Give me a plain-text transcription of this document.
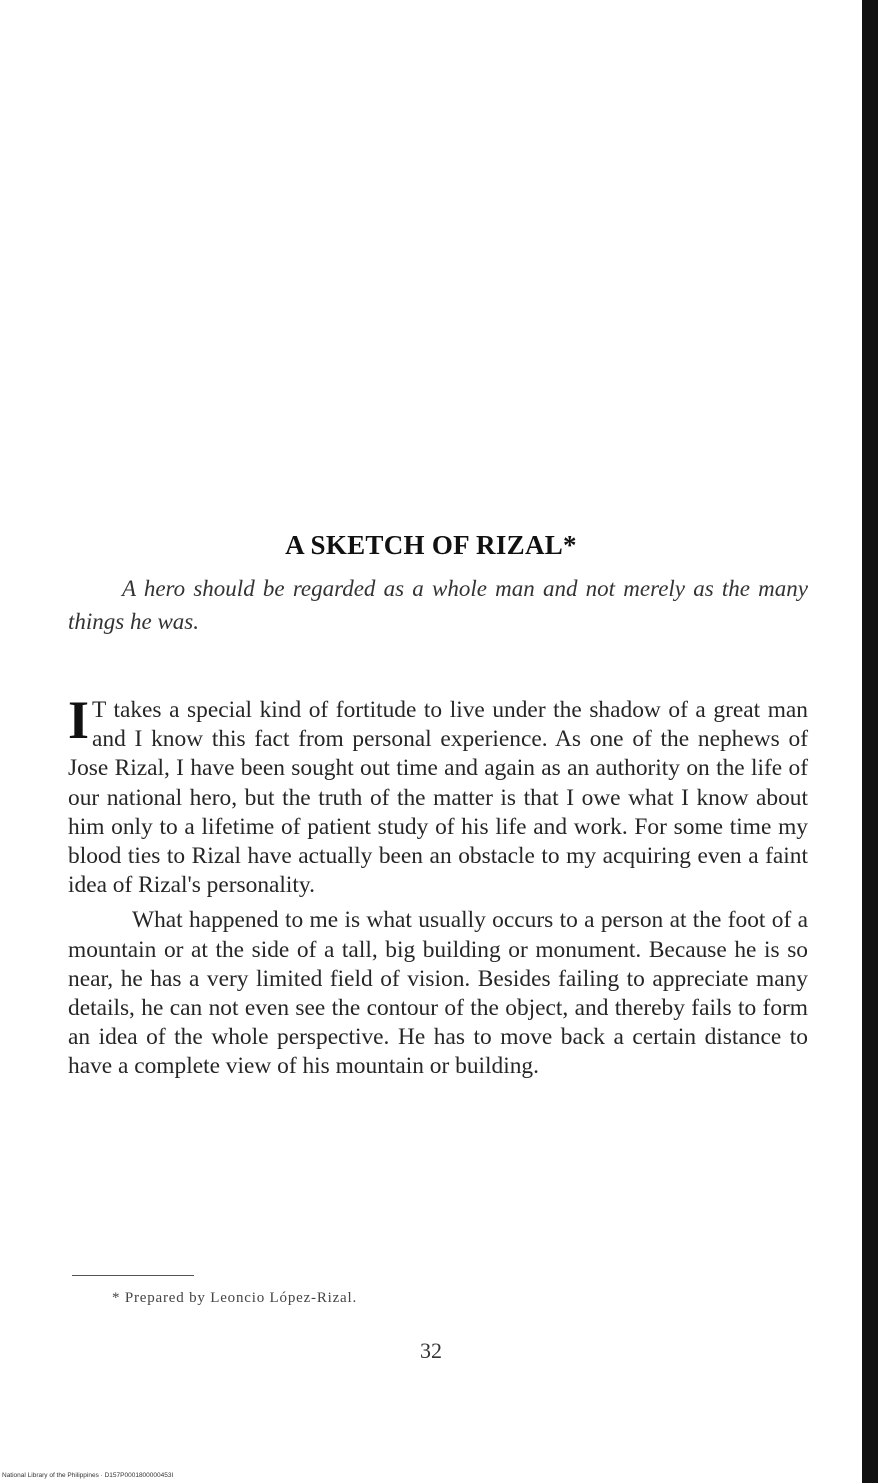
A SKETCH OF RIZAL*
A hero should be regarded as a whole man and not merely as the many things he was.

I T takes a special kind of fortitude to live under the shadow of a great man and I know this fact from personal experience. As one of the nephews of Jose Rizal, I have been sought out time and again as an authority on the life of our national hero, but the truth of the matter is that I owe what I know about him only to a lifetime of patient study of his life and work. For some time my blood ties to Rizal have actually been an obstacle to my acquiring even a faint idea of Rizal's personality.

What happened to me is what usually occurs to a person at the foot of a mountain or at the side of a tall, big building or monument. Because he is so near, he has a very limited field of vision. Besides failing to appreciate many details, he can not even see the contour of the object, and thereby fails to form an idea of the whole perspective. He has to move back a certain distance to have a complete view of his mountain or building.

* Prepared by Leoncio López-Rizal.
32
National Library of the Philippines · D157P0001800000453I
